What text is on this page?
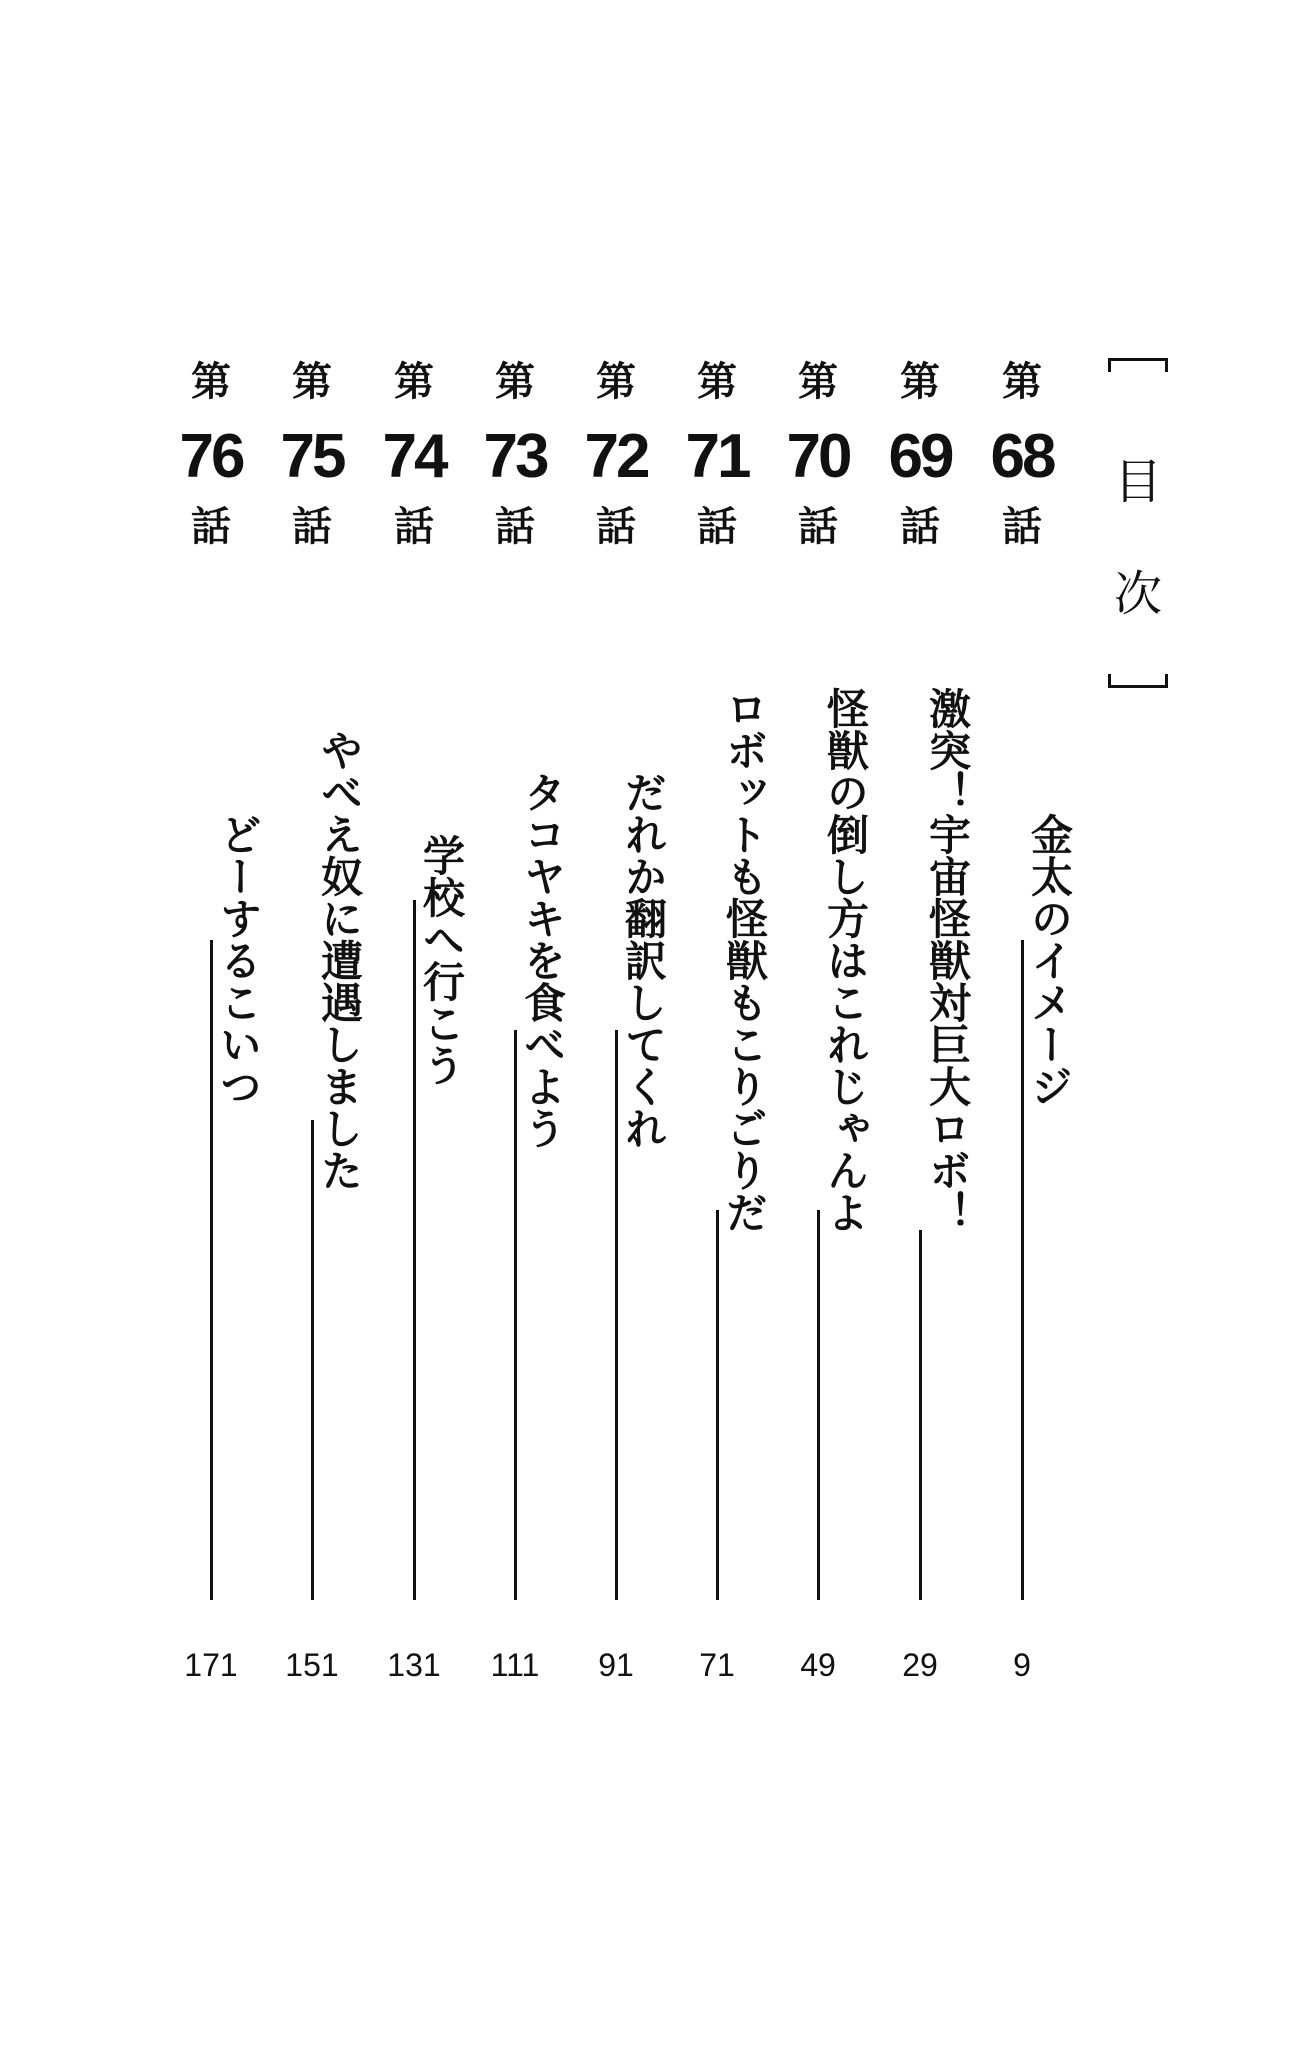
目
次
第
68
話
金太のイメージ
9
第
69
話
激突！宇宙怪獣対巨大ロボ！
29
第
70
話
怪獣の倒し方はこれじゃんよ
49
第
71
話
ロボットも怪獣もこりごりだ
71
第
72
話
だれか翻訳してくれ
91
第
73
話
タコヤキを食べよう
111
第
74
話
学校へ行こう
131
第
75
話
やべえ奴に遭遇しました
151
第
76
話
どーするこいつ
171
